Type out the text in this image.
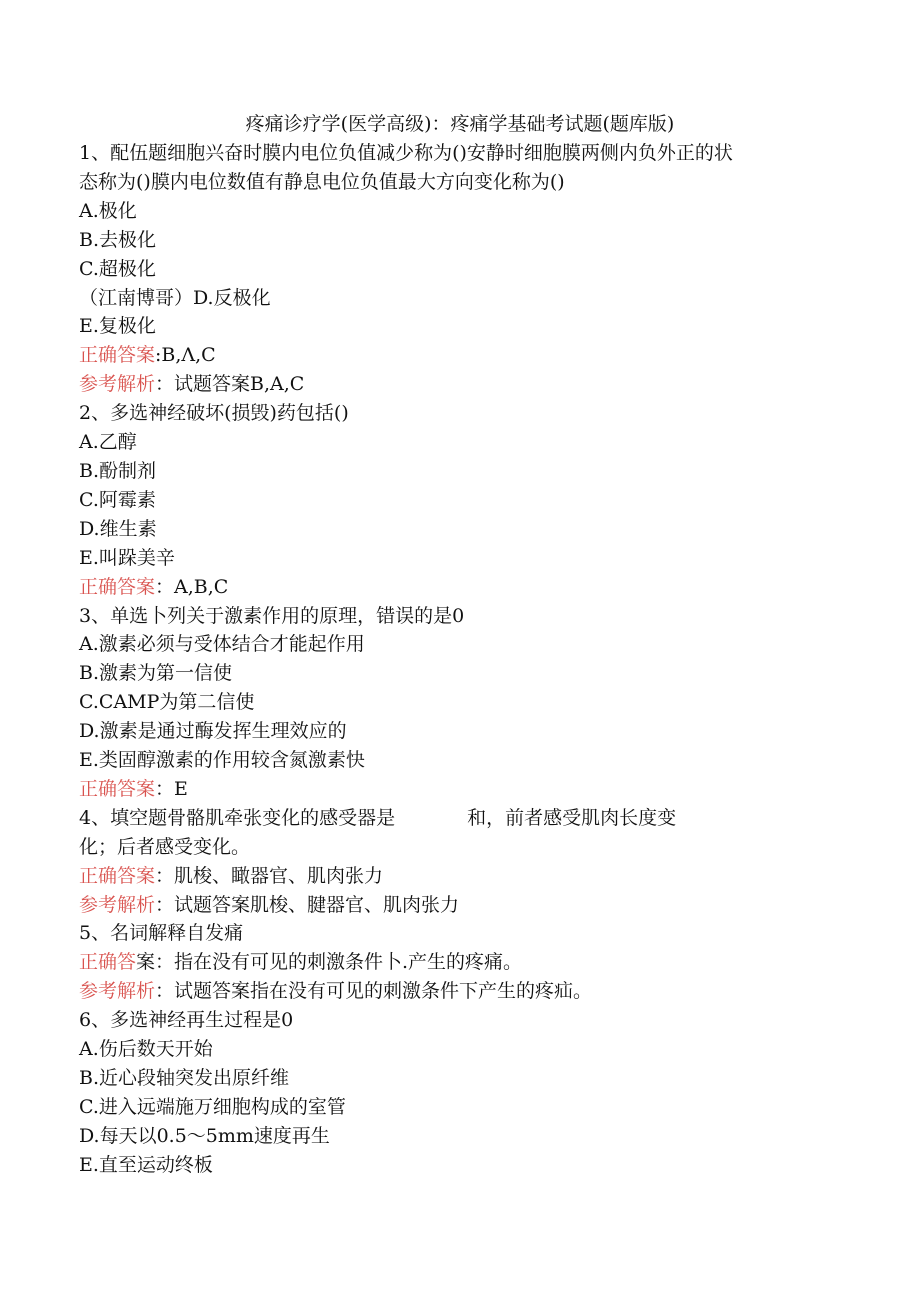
疼痛诊疗学(医学高级)：疼痛学基础考试题(题库版)
1、配伍题细胞兴奋时膜内电位负值减少称为()安静时细胞膜两侧内负外正的状
态称为()膜内电位数值有静息电位负值最大方向变化称为()
A.极化
B.去极化
C.超极化
（江南博哥）D.反极化
E.复极化
正确答案:B,Λ,C
参考解析：试题答案B,A,C
2、多选神经破坏(损毁)药包括()
A.乙醇
B.酚制剂
C.阿霉素
D.维生素
E.叫跺美辛
正确答案：A,B,C
3、单选卜列关于激素作用的原理，错误的是0
A.激素必须与受体结合才能起作用
B.激素为第一信使
C.CAMP为第二信使
D.激素是通过酶发挥生理效应的
E.类固醇激素的作用较含氮激素快
正确答案：E
4、填空题骨骼肌牵张变化的感受器是	和，前者感受肌肉长度变
化；后者感受变化。
正确答案：肌梭、瞰器官、肌肉张力
参考解析：试题答案肌梭、腱器官、肌肉张力
5、名词解释自发痛
正确答案：指在没有可见的刺激条件卜.产生的疼痛。
参考解析：试题答案指在没有可见的刺激条件下产生的疼疝。
6、多选神经再生过程是0
A.伤后数天开始
B.近心段轴突发出原纤维
C.进入远端施万细胞构成的室管
D.每天以0.5～5mm速度再生
E.直至运动终板
